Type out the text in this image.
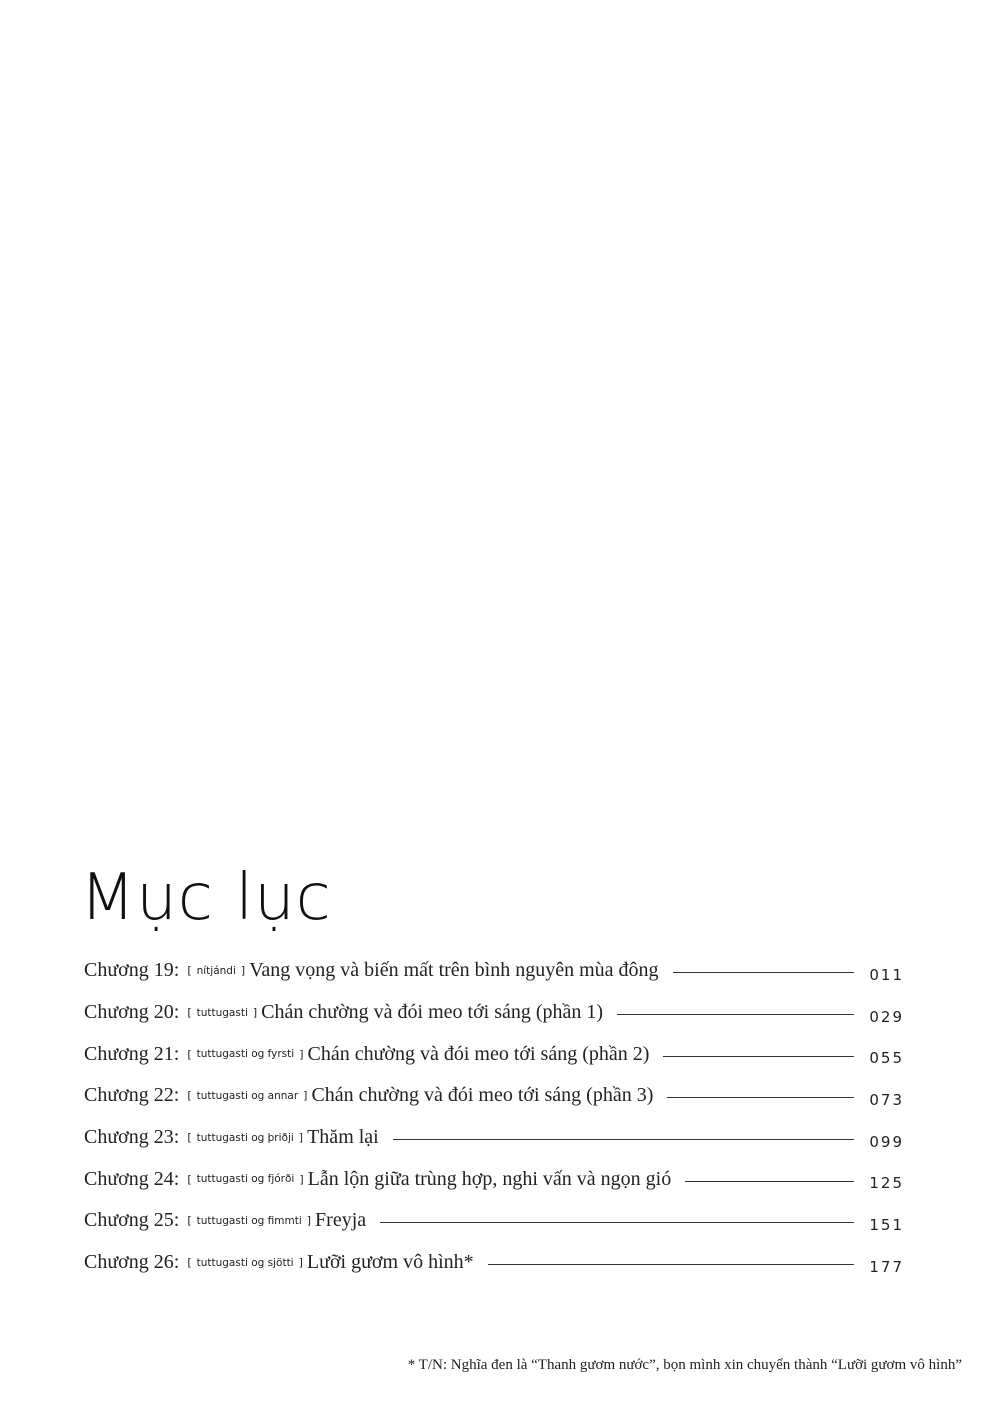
Mục lục
Chương 19: [ nítjándi ] Vang vọng và biến mất trên bình nguyên mùa đông	011
Chương 20: [ tuttugasti ] Chán chường và đói meo tới sáng (phần 1)	029
Chương 21: [ tuttugasti og fyrsti ] Chán chường và đói meo tới sáng (phần 2)	055
Chương 22: [ tuttugasti og annar ] Chán chường và đói meo tới sáng (phần 3)	073
Chương 23: [ tuttugasti og þriðji ] Thăm lại	099
Chương 24: [ tuttugasti og fjórði ] Lẫn lộn giữa trùng hợp, nghi vấn và ngọn gió	125
Chương 25: [ tuttugasti og fimmti ] Freyja	151
Chương 26: [ tuttugasti og sjötti ] Lưỡi gươm vô hình*	177

* T/N: Nghĩa đen là “Thanh gươm nước”, bọn mình xin chuyển thành “Lưỡi gươm vô hình”
